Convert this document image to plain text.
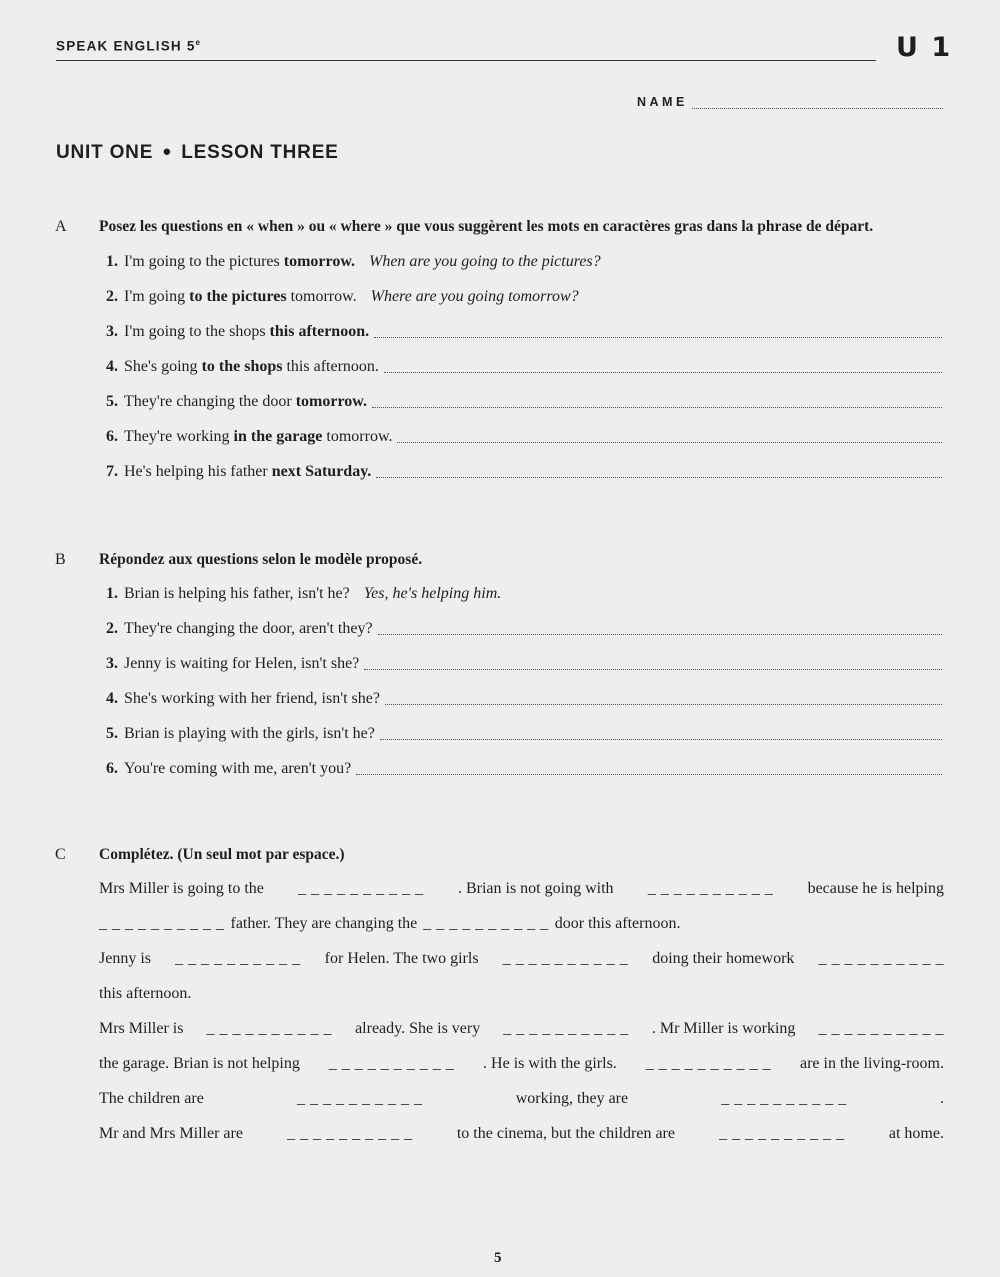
SPEAK ENGLISH 5e	U 1
NAME
UNIT ONE ● LESSON THREE
A Posez les questions en « when » ou « where » que vous suggèrent les mots en caractères gras dans la phrase de départ.
1. I'm going to the pictures tomorrow. When are you going to the pictures?
2. I'm going to the pictures tomorrow. Where are you going tomorrow?
3. I'm going to the shops this afternoon.
4. She's going to the shops this afternoon.
5. They're changing the door tomorrow.
6. They're working in the garage tomorrow.
7. He's helping his father next Saturday.
B Répondez aux questions selon le modèle proposé.
1. Brian is helping his father, isn't he? Yes, he's helping him.
2. They're changing the door, aren't they?
3. Jenny is waiting for Helen, isn't she?
4. She's working with her friend, isn't she?
5. Brian is playing with the girls, isn't he?
6. You're coming with me, aren't you?
C Complétez. (Un seul mot par espace.)
Mrs Miller is going to the _ _ _ _ _ _ _ _ _ _ . Brian is not going with _ _ _ _ _ _ _ _ _ _ because he is helping
_ _ _ _ _ _ _ _ _ _ father. They are changing the _ _ _ _ _ _ _ _ _ _ door this afternoon.
Jenny is _ _ _ _ _ _ _ _ _ _ for Helen. The two girls _ _ _ _ _ _ _ _ _ _ doing their homework _ _ _ _ _ _ _ _ _ _
this afternoon.
Mrs Miller is _ _ _ _ _ _ _ _ _ _ already. She is very _ _ _ _ _ _ _ _ _ _ . Mr Miller is working _ _ _ _ _ _ _ _ _ _
the garage. Brian is not helping _ _ _ _ _ _ _ _ _ _ . He is with the girls. _ _ _ _ _ _ _ _ _ _ are in the living-room.
The children are	_ _ _ _ _ _ _ _ _ _	working, they are	_ _ _ _ _ _ _ _ _ _	.
Mr and Mrs Miller are	_ _ _ _ _ _ _ _ _ _	to the cinema, but the children are	_ _ _ _ _ _ _ _ _ _	at home.
5
